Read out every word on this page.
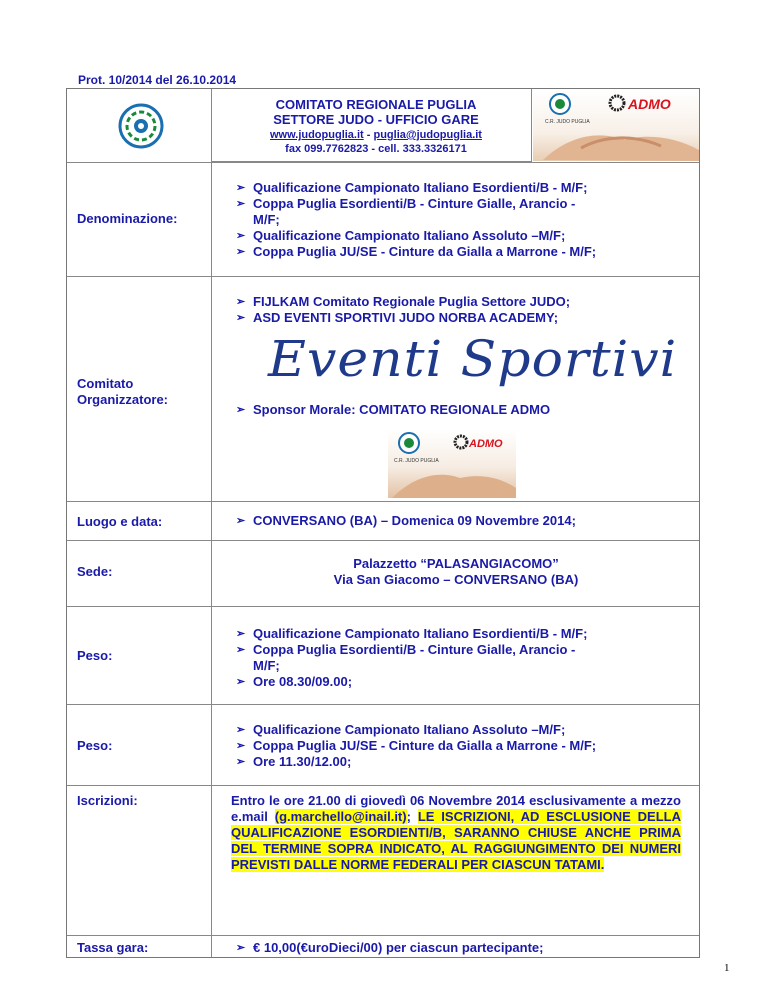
Prot. 10/2014 del 26.10.2014
COMITATO REGIONALE PUGLIA
SETTORE JUDO - UFFICIO GARE
www.judopuglia.it - puglia@judopuglia.it
fax 099.7762823 - cell. 333.3326171
ADMO
C.R. JUDO PUGLIA
Denominazione:
➢ Qualificazione Campionato Italiano Esordienti/B - M/F;
➢ Coppa Puglia Esordienti/B - Cinture Gialle, Arancio -
M/F;
➢ Qualificazione Campionato Italiano Assoluto –M/F;
➢ Coppa Puglia JU/SE - Cinture da Gialla a Marrone - M/F;
Comitato
Organizzatore:
➢ FIJLKAM Comitato Regionale Puglia Settore JUDO;
➢ ASD EVENTI SPORTIVI JUDO NORBA ACADEMY;
Eventi Sportivi
➢ Sponsor Morale: COMITATO REGIONALE ADMO
ADMO
C.R. JUDO PUGLIA
Luogo e data:	➢ CONVERSANO (BA) – Domenica 09 Novembre 2014;
Sede:
Palazzetto “PALASANGIACOMO”
Via San Giacomo – CONVERSANO (BA)
Peso:
➢ Qualificazione Campionato Italiano Esordienti/B - M/F;
➢ Coppa Puglia Esordienti/B - Cinture Gialle, Arancio -
M/F;
➢ Ore 08.30/09.00;
Peso:
➢ Qualificazione Campionato Italiano Assoluto –M/F;
➢ Coppa Puglia JU/SE - Cinture da Gialla a Marrone - M/F;
➢ Ore 11.30/12.00;
Iscrizioni:	Entro le ore 21.00 di giovedì 06 Novembre 2014 esclusivamente a mezzo e.mail (g.marchello@inail.it); LE ISCRIZIONI, AD ESCLUSIONE DELLA QUALIFICAZIONE ESORDIENTI/B, SARANNO CHIUSE ANCHE PRIMA DEL TERMINE SOPRA INDICATO, AL RAGGIUNGIMENTO DEI NUMERI PREVISTI DALLE NORME FEDERALI PER CIASCUN TATAMI.
Tassa gara:	➢ € 10,00(€uroDieci/00) per ciascun partecipante;
1
